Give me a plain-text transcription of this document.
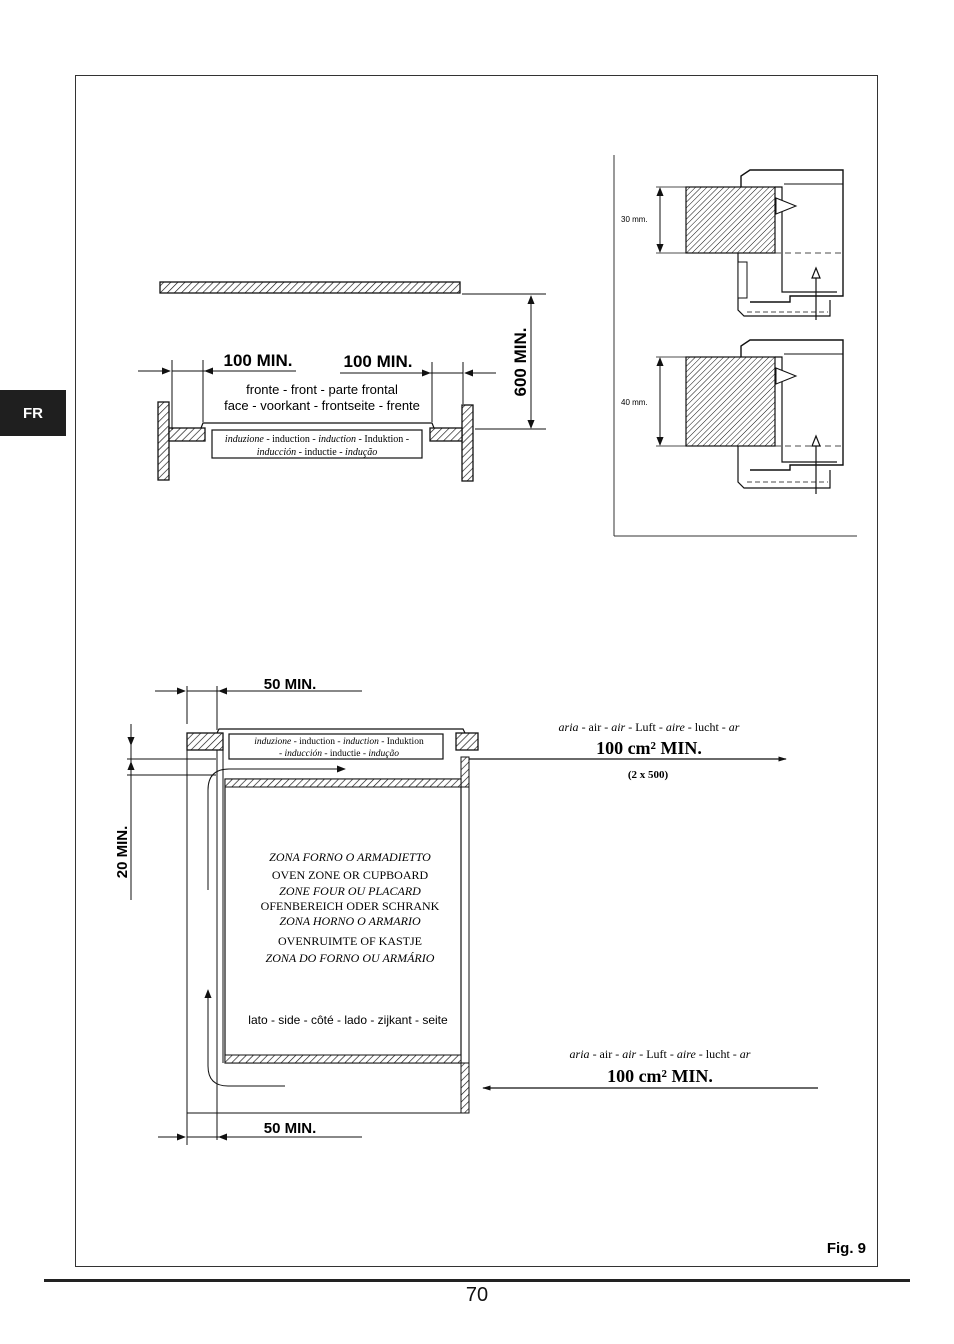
FR
70
600 MIN.
induzione - induction - induction - Induktion -
inducción - inductie - indução
100 MIN.	100 MIN.
fronte - front - parte frontal
face - voorkant - frontseite - frente
30 mm.
40 mm.
50 MIN.
induzione - induction - induction - Induktion
- inducción - inductie - indução
20 MIN.	ZONA FORNO O ARMADIETTO
OVEN ZONE OR CUPBOARD
ZONE FOUR OU PLACARD
OFENBEREICH ODER SCHRANK
ZONA HORNO O ARMARIO
OVENRUIMTE OF KASTJE
ZONA DO FORNO OU ARMÁRIO
lato - side - côté - lado - zijkant - seite
aria - air - air - Luft - aire - lucht - ar
100 cm² MIN.
(2 x 500)
aria - air - air - Luft - aire - lucht - ar
100 cm² MIN.
50 MIN.
Fig. 9
